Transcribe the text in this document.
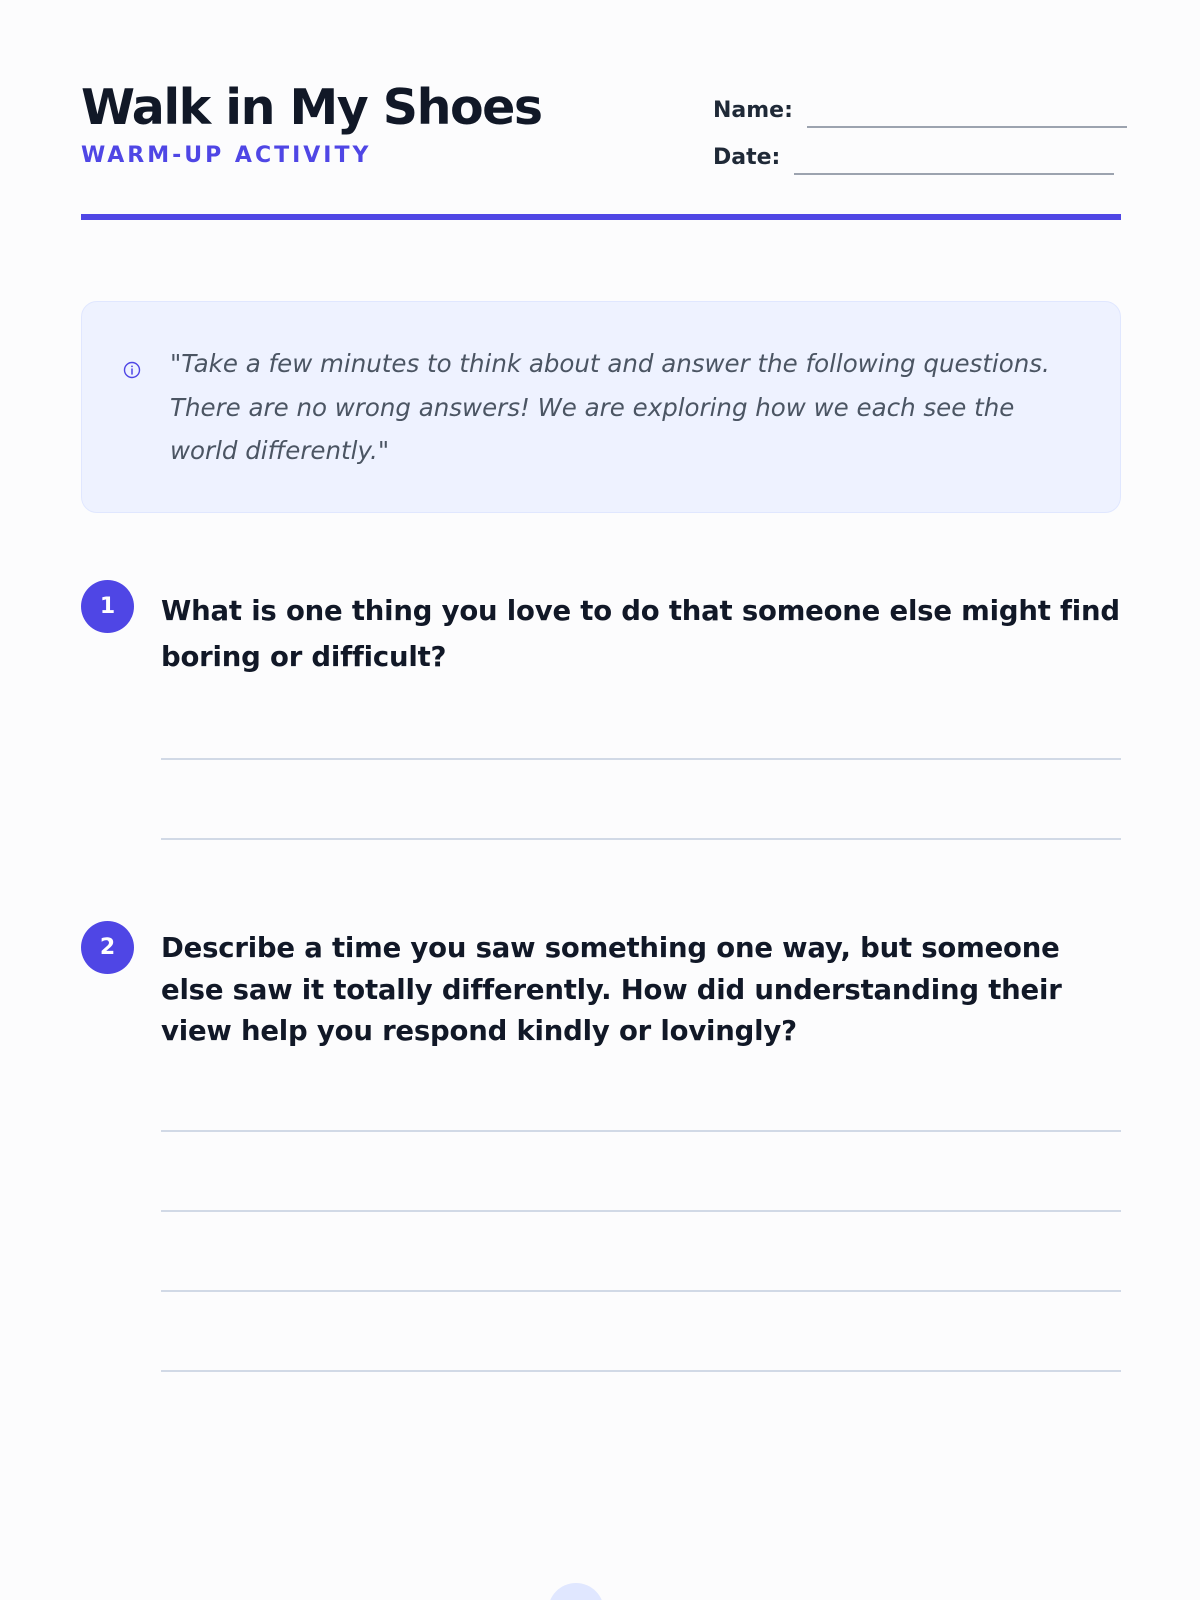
Walk in My Shoes
WARM-UP ACTIVITY
Name:
Date:

"Take a few minutes to think about and answer the following questions. There are no wrong answers! We are exploring how we each see the world differently."

1	What is one thing you love to do that someone else might find boring or difficult?

2	Describe a time you saw something one way, but someone else saw it totally differently. How did understanding their view help you respond kindly or lovingly?
